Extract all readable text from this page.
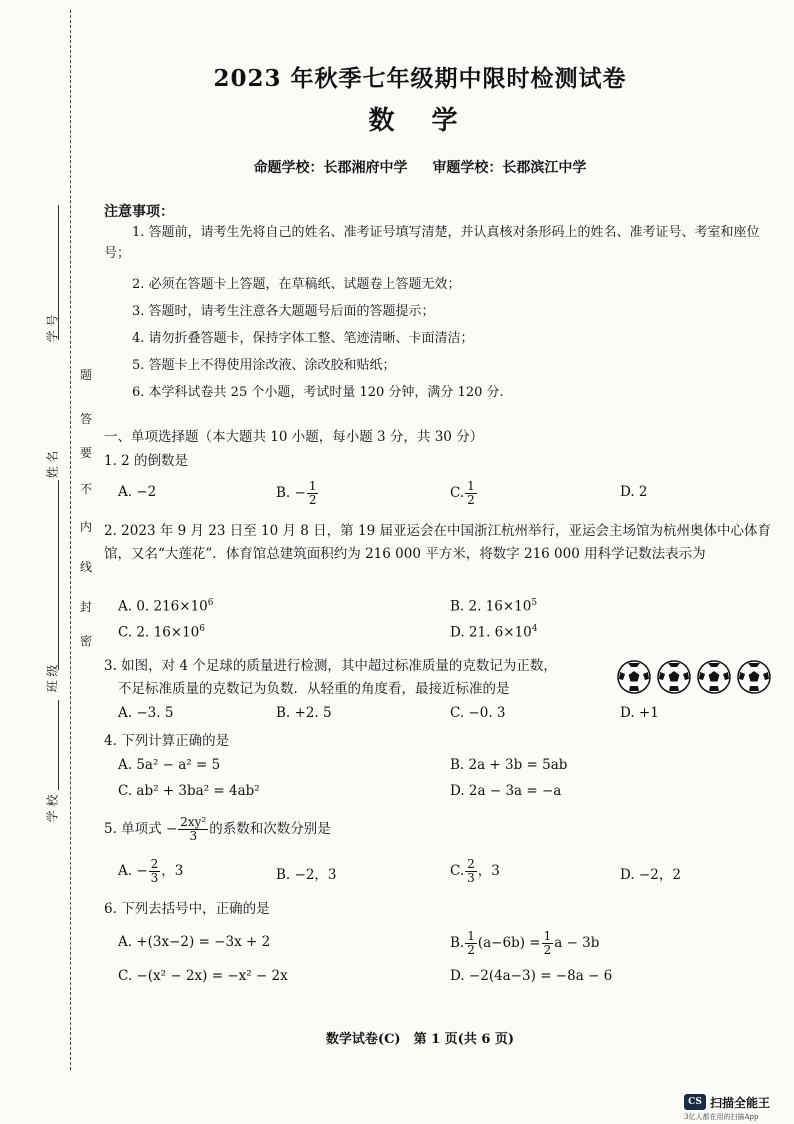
学 号
姓 名
班 级
学 校
题
答
要
不
内
线
封
密
2023 年秋季七年级期中限时检测试卷
数 学
命题学校：长郡湘府中学 审题学校：长郡滨江中学
注意事项：
1. 答题前，请考生先将自己的姓名、准考证号填写清楚，并认真核对条形码上的姓名、准考证号、考室和座位号；
2. 必须在答题卡上答题，在草稿纸、试题卷上答题无效；
3. 答题时，请考生注意各大题题号后面的答题提示；
4. 请勿折叠答题卡，保持字体工整、笔迹清晰、卡面清洁；
5. 答题卡上不得使用涂改液、涂改胶和贴纸；
6. 本学科试卷共 25 个小题，考试时量 120 分钟，满分 120 分.
一、单项选择题（本大题共 10 小题，每小题 3 分，共 30 分）
1. 2 的倒数是
A. −2	B. − $\frac{1}{2}$	C. $\frac{1}{2}$	D. 2
2. 2023 年 9 月 23 日至 10 月 8 日，第 19 届亚运会在中国浙江杭州举行，亚运会主场馆为杭州奥体中心体育馆，又名“大莲花”．体育馆总建筑面积约为 216 000 平方米，将数字 216 000 用科学记数法表示为
A. 0. $216\times 10^6$	B. 2. $16\times 10^5$
C. 2. $16\times 10^6$	D. 21. $6\times 10^4$
3. 如图，对 4 个足球的质量进行检测，其中超过标准质量的克数记为正数，
不足标准质量的克数记为负数．从轻重的角度看，最接近标准的是
A. −3. 5	B. +2. 5	C. −0. 3	D. +1
4. 下列计算正确的是
A. 5a² − a² = 5	B. 2a + 3b = 5ab
C. ab² + 3ba² = 4ab²	D. 2a − 3a = −a
5. 单项式 − $\frac{\text{2xy²}}{3}$ 的系数和次数分别是
A. − $\frac{2}{3}$ ，3	B. −2，3	C. $\frac{2}{3}$ ，3	D. −2，2
6. 下列去括号中，正确的是
A. +(3x−2) = −3x + 2	B. $\frac{1}{2} (a-6b) = \frac{1}{2}$ a − 3b
C. −(x² − 2x) = −x² − 2x	D. −2(4a−3) = −8a − 6
数学试卷(C)　第 1 页(共 6 页)
CS 扫描全能王
3亿人都在用的扫描App
